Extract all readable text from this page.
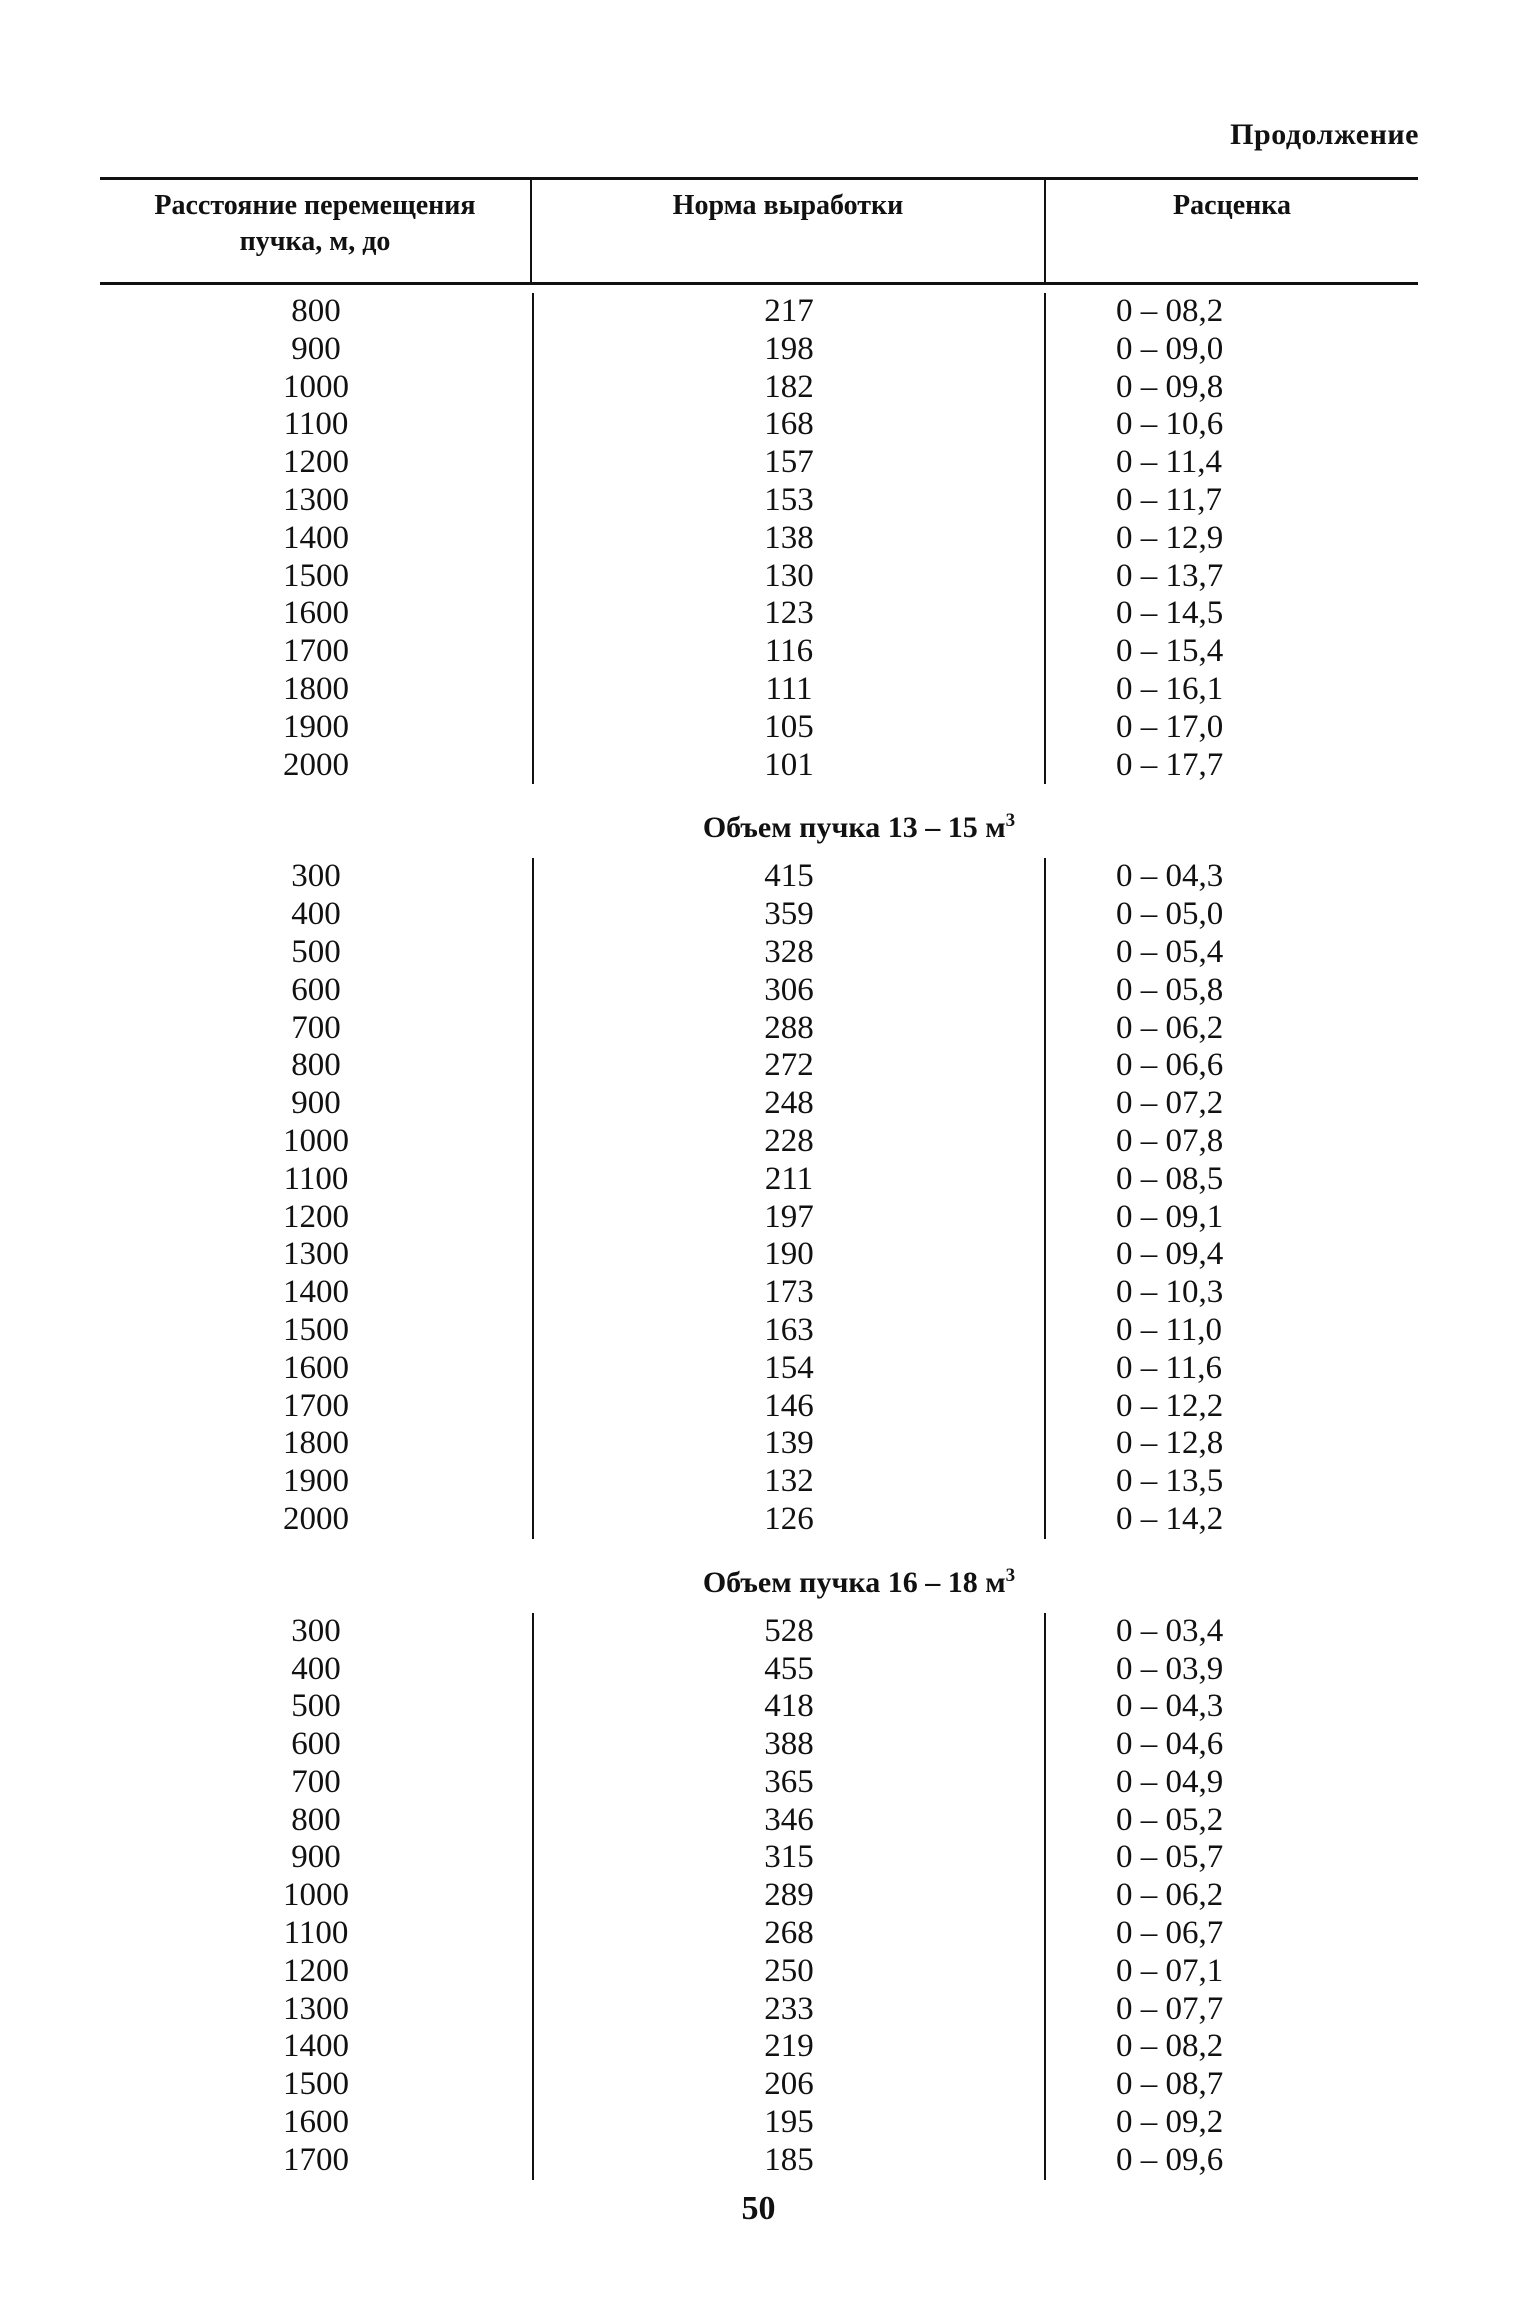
Продолжение
Расстояние перемещения
пучка, м, до
Норма выработки	Расценка
800
900
1000
1100
1200
1300
1400
1500
1600
1700
1800
1900
2000
217
198
182
168
157
153
138
130
123
116
111
105
101
0 – 08,2
0 – 09,0
0 – 09,8
0 – 10,6
0 – 11,4
0 – 11,7
0 – 12,9
0 – 13,7
0 – 14,5
0 – 15,4
0 – 16,1
0 – 17,0
0 – 17,7
Объем пучка 13 – 15 $м^3$
300
400
500
600
700
800
900
1000
1100
1200
1300
1400
1500
1600
1700
1800
1900
2000
415
359
328
306
288
272
248
228
211
197
190
173
163
154
146
139
132
126
0 – 04,3
0 – 05,0
0 – 05,4
0 – 05,8
0 – 06,2
0 – 06,6
0 – 07,2
0 – 07,8
0 – 08,5
0 – 09,1
0 – 09,4
0 – 10,3
0 – 11,0
0 – 11,6
0 – 12,2
0 – 12,8
0 – 13,5
0 – 14,2
Объем пучка 16 – 18 $м^3$
300
400
500
600
700
800
900
1000
1100
1200
1300
1400
1500
1600
1700
528
455
418
388
365
346
315
289
268
250
233
219
206
195
185
0 – 03,4
0 – 03,9
0 – 04,3
0 – 04,6
0 – 04,9
0 – 05,2
0 – 05,7
0 – 06,2
0 – 06,7
0 – 07,1
0 – 07,7
0 – 08,2
0 – 08,7
0 – 09,2
0 – 09,6
50
